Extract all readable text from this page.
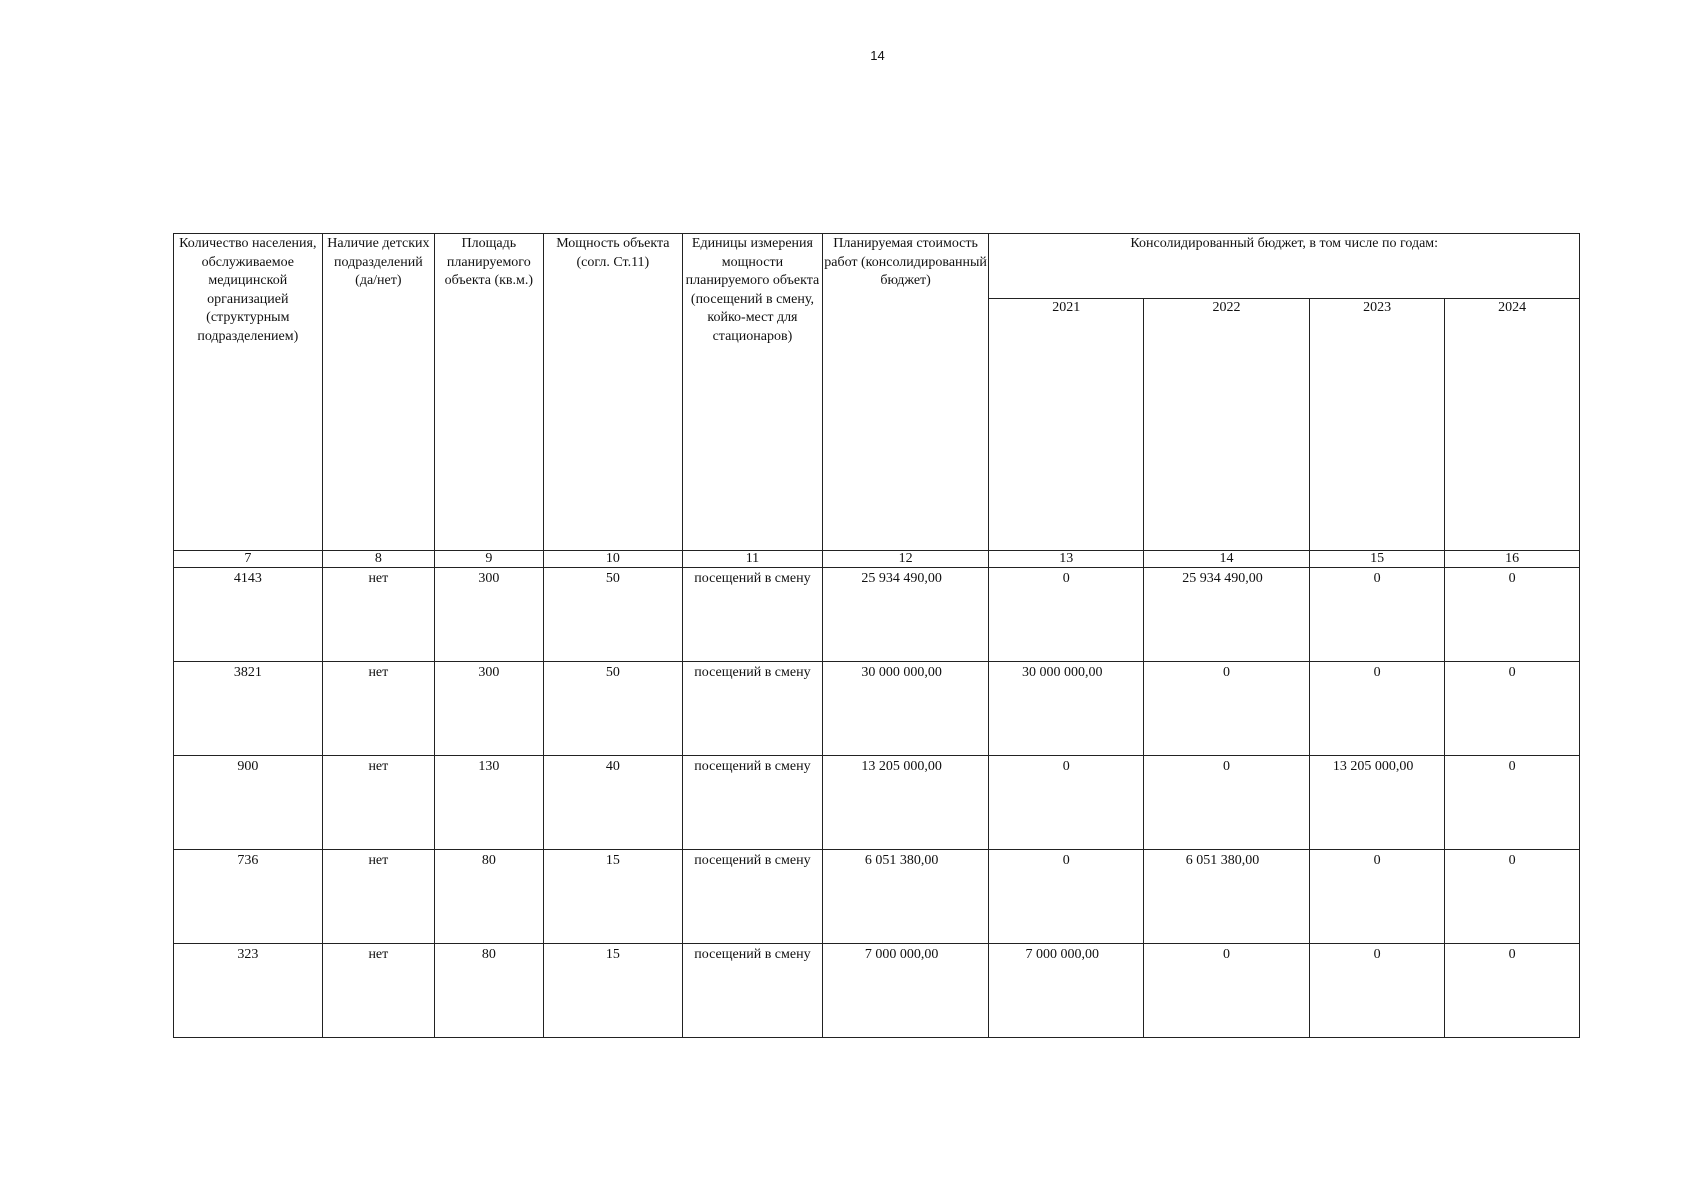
14
Количество населения, обслуживаемое медицинской организацией (структурным подразделением)	Наличие детских подразделений (да/нет)	Площадь планируемого объекта (кв.м.)	Мощность объекта (согл. Ст.11)	Единицы измерения мощности планируемого объекта (посещений в смену, койко-мест для стационаров)	Планируемая стоимость работ (консолидированный бюджет)	Консолидированный бюджет, в том числе по годам:			

						2021	2022	2023	2024
7	8	9	10	11	12	13	14	15	16
4143	нет	300	50	посещений в смену	25 934 490,00	0	25 934 490,00	0	0
3821	нет	300	50	посещений в смену	30 000 000,00	30 000 000,00	0	0	0
900	нет	130	40	посещений в смену	13 205 000,00	0	0	13 205 000,00	0
736	нет	80	15	посещений в смену	6 051 380,00	0	6 051 380,00	0	0
323	нет	80	15	посещений в смену	7 000 000,00	7 000 000,00	0	0	0
